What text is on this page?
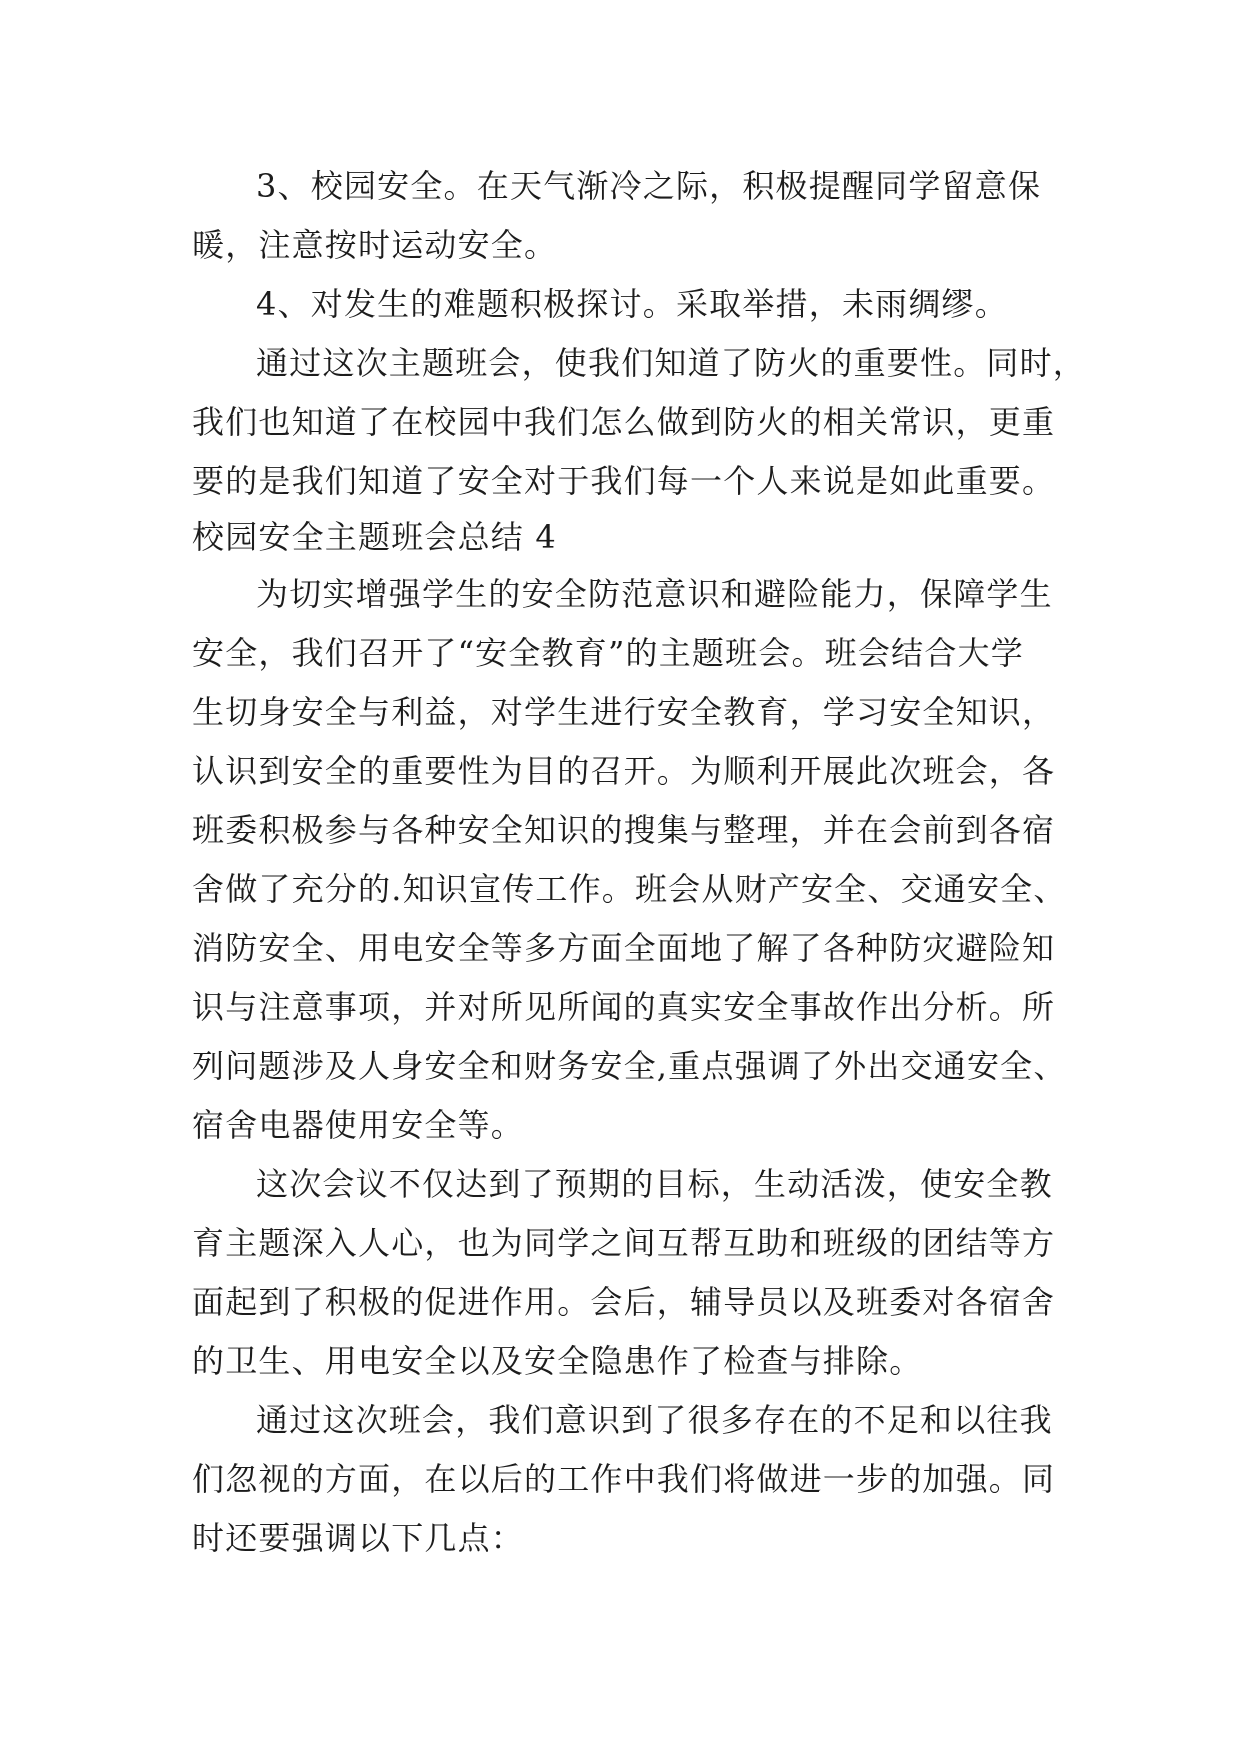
3、校园安全。在天气渐冷之际，积极提醒同学留意保

暖，注意按时运动安全。

4、对发生的难题积极探讨。采取举措，未雨绸缪。

通过这次主题班会，使我们知道了防火的重要性。同时，

我们也知道了在校园中我们怎么做到防火的相关常识，更重

要的是我们知道了安全对于我们每一个人来说是如此重要。

校园安全主题班会总结 4

为切实增强学生的安全防范意识和避险能力，保障学生

安全，我们召开了“安全教育”的主题班会。班会结合大学

生切身安全与利益，对学生进行安全教育，学习安全知识，

认识到安全的重要性为目的召开。为顺利开展此次班会，各

班委积极参与各种安全知识的搜集与整理，并在会前到各宿

舍做了充分的.知识宣传工作。班会从财产安全、交通安全、

消防安全、用电安全等多方面全面地了解了各种防灾避险知

识与注意事项，并对所见所闻的真实安全事故作出分析。所

列问题涉及人身安全和财务安全,重点强调了外出交通安全、

宿舍电器使用安全等。

这次会议不仅达到了预期的目标，生动活泼，使安全教

育主题深入人心，也为同学之间互帮互助和班级的团结等方

面起到了积极的促进作用。会后，辅导员以及班委对各宿舍

的卫生、用电安全以及安全隐患作了检查与排除。

通过这次班会，我们意识到了很多存在的不足和以往我

们忽视的方面，在以后的工作中我们将做进一步的加强。同

时还要强调以下几点：
